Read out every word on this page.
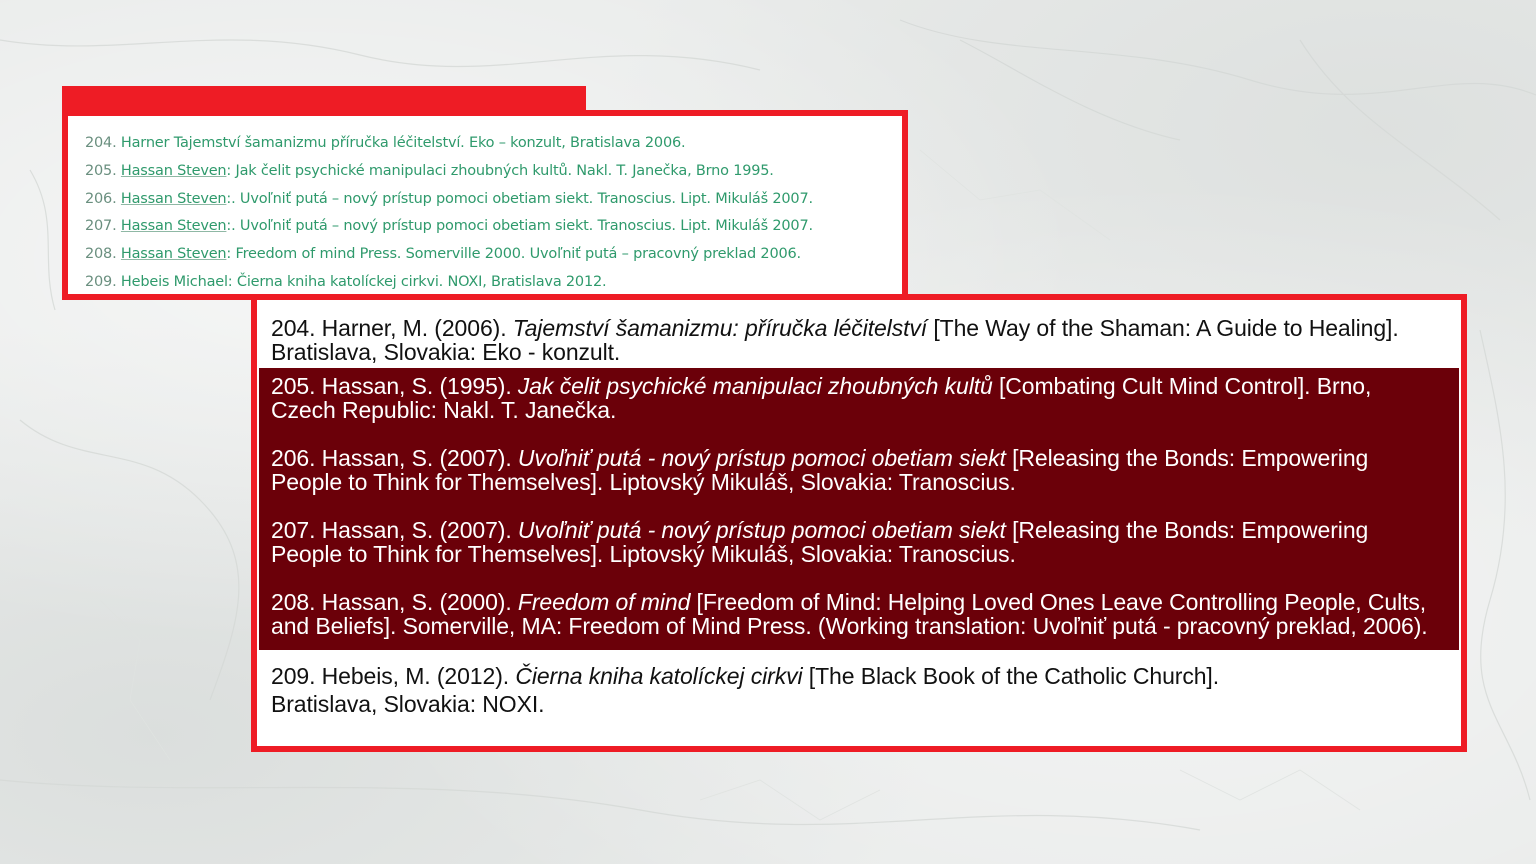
204. Harner Tajemství šamanizmu příručka léčitelství. Eko – konzult, Bratislava 2006.
205. Hassan Steven: Jak čelit psychické manipulaci zhoubných kultů. Nakl. T. Janečka, Brno 1995.
206. Hassan Steven:. Uvoľniť putá – nový prístup pomoci obetiam siekt. Tranoscius. Lipt. Mikuláš 2007.
207. Hassan Steven:. Uvoľniť putá – nový prístup pomoci obetiam siekt. Tranoscius. Lipt. Mikuláš 2007.
208. Hassan Steven: Freedom of mind Press. Somerville 2000. Uvoľniť putá – pracovný preklad 2006.
209. Hebeis Michael: Čierna kniha katolíckej cirkvi. NOXI, Bratislava 2012.
204. Harner, M. (2006). Tajemství šamanizmu: příručka léčitelství [The Way of the Shaman: A Guide to Healing]. Bratislava, Slovakia: Eko - konzult.
205. Hassan, S. (1995). Jak čelit psychické manipulaci zhoubných kultů [Combating Cult Mind Control]. Brno, Czech Republic: Nakl. T. Janečka.
206. Hassan, S. (2007). Uvoľniť putá - nový prístup pomoci obetiam siekt [Releasing the Bonds: Empowering People to Think for Themselves]. Liptovský Mikuláš, Slovakia: Tranoscius.
207. Hassan, S. (2007). Uvoľniť putá - nový prístup pomoci obetiam siekt [Releasing the Bonds: Empowering People to Think for Themselves]. Liptovský Mikuláš, Slovakia: Tranoscius.
208. Hassan, S. (2000). Freedom of mind [Freedom of Mind: Helping Loved Ones Leave Controlling People, Cults, and Beliefs]. Somerville, MA: Freedom of Mind Press. (Working translation: Uvoľniť putá - pracovný preklad, 2006).
209. Hebeis, M. (2012). Čierna kniha katolíckej cirkvi [The Black Book of the Catholic Church].
Bratislava, Slovakia: NOXI.
